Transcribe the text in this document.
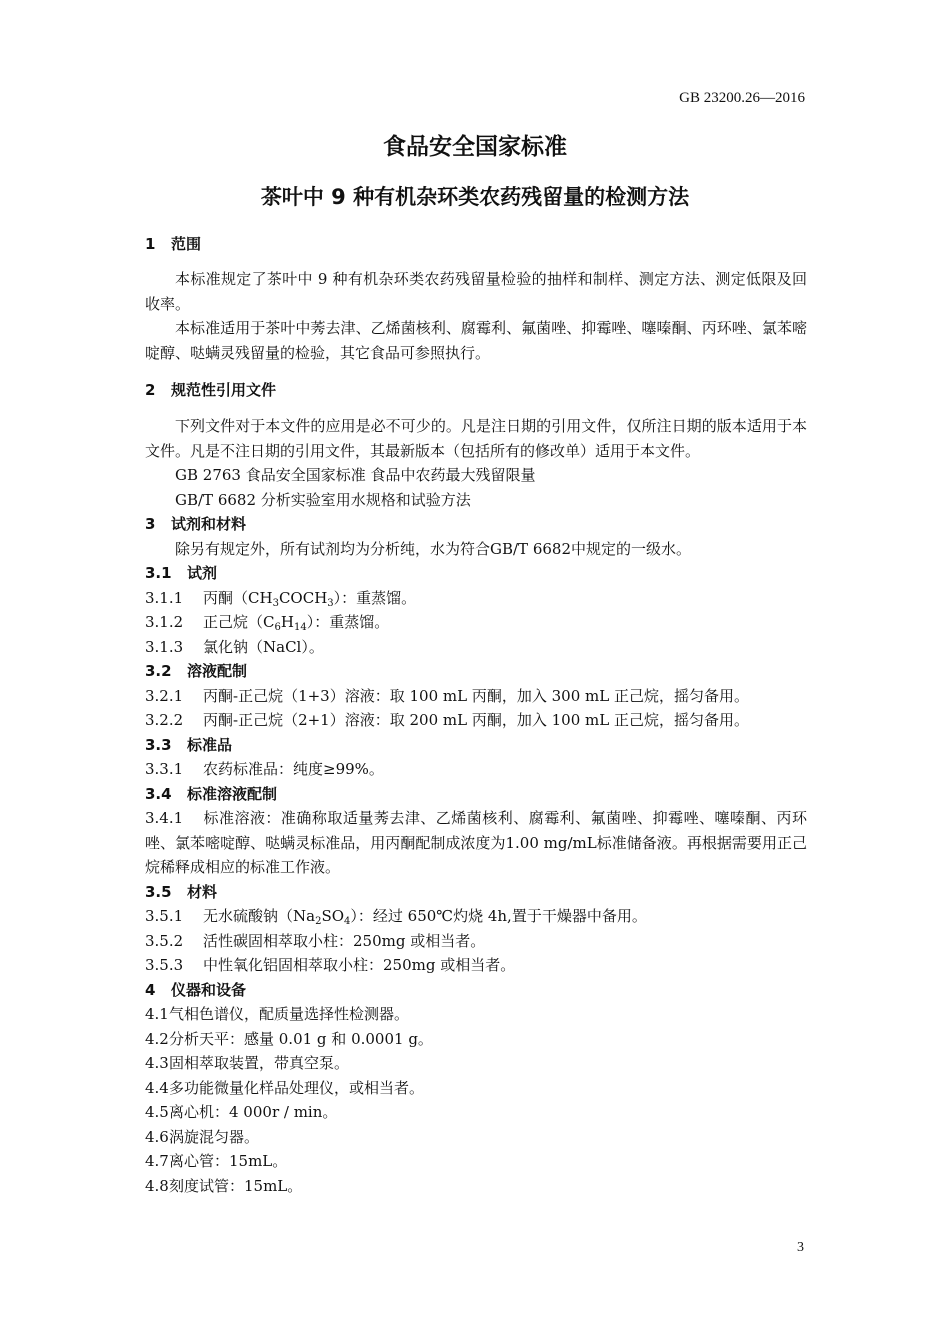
GB 23200.26—2016
食品安全国家标准
茶叶中 9 种有机杂环类农药残留量的检测方法
1 范围
本标准规定了茶叶中 9 种有机杂环类农药残留量检验的抽样和制样、测定方法、测定低限及回收率。
本标准适用于茶叶中莠去津、乙烯菌核利、腐霉利、氟菌唑、抑霉唑、噻嗪酮、丙环唑、氯苯嘧啶醇、哒螨灵残留量的检验，其它食品可参照执行。
2 规范性引用文件
下列文件对于本文件的应用是必不可少的。凡是注日期的引用文件，仅所注日期的版本适用于本文件。凡是不注日期的引用文件，其最新版本（包括所有的修改单）适用于本文件。
GB 2763 食品安全国家标准 食品中农药最大残留限量
GB/T 6682 分析实验室用水规格和试验方法
3 试剂和材料
除另有规定外，所有试剂均为分析纯，水为符合GB/T 6682中规定的一级水。
3.1 试剂
3.1.1 丙酮$(CH_3COCH_3)$：重蒸馏。
3.1.2 正己烷$(C_6H_{14})$：重蒸馏。
3.1.3 氯化钠（NaCl）。
3.2 溶液配制
3.2.1 丙酮-正己烷（1+3）溶液：取 100 mL 丙酮，加入 300 mL 正己烷，摇匀备用。
3.2.2 丙酮-正己烷（2+1）溶液：取 200 mL 丙酮，加入 100 mL 正己烷，摇匀备用。
3.3 标准品
3.3.1 农药标准品：纯度≥99%。
3.4 标准溶液配制
3.4.1 标准溶液：准确称取适量莠去津、乙烯菌核利、腐霉利、氟菌唑、抑霉唑、噻嗪酮、丙环唑、氯苯嘧啶醇、哒螨灵标准品，用丙酮配制成浓度为1.00 mg/mL标准储备液。再根据需要用正己烷稀释成相应的标准工作液。
3.5 材料
3.5.1 无水硫酸钠$(Na_2SO_4)$：经过 650℃灼烧 4h,置于干燥器中备用。
3.5.2 活性碳固相萃取小柱：250mg 或相当者。
3.5.3 中性氧化铝固相萃取小柱：250mg 或相当者。
4 仪器和设备
4.1气相色谱仪，配质量选择性检测器。
4.2分析天平：感量 0.01 g 和 0.0001 g。
4.3固相萃取装置，带真空泵。
4.4多功能微量化样品处理仪，或相当者。
4.5离心机：4 000r / min。
4.6涡旋混匀器。
4.7离心管：15mL。
4.8刻度试管：15mL。
3
